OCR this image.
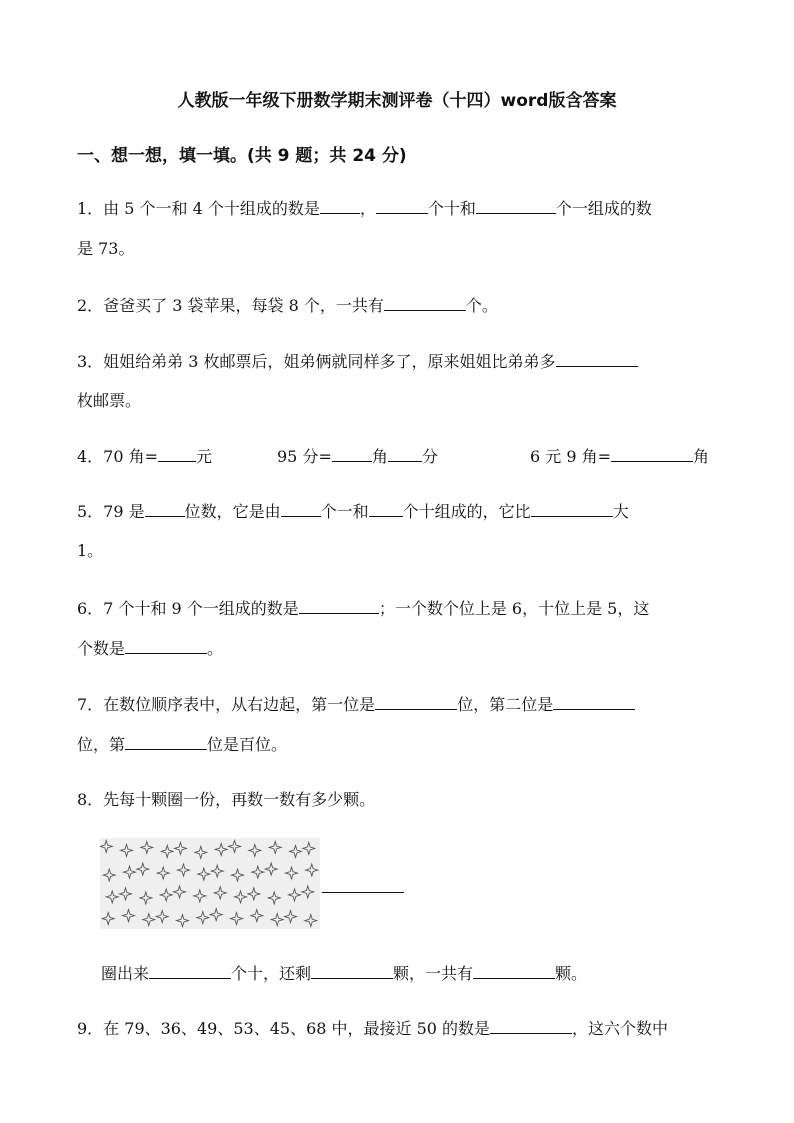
人教版一年级下册数学期末测评卷（十四）word版含答案
一、想一想，填一填。(共 9 题；共 24 分)
1．由 5 个一和 4 个十组成的数是	，	个十和	个一组成的数
是 73。
2．爸爸买了 3 袋苹果，每袋 8 个，一共有	个。
3．姐姐给弟弟 3 枚邮票后，姐弟俩就同样多了，原来姐姐比弟弟多
枚邮票。
4．70 角= 元	95 分=	角 分	6 元 9 角=	角
5．79 是	位数，它是由	个一和 个十组成的，它比	大
1。
6．7 个十和 9 个一组成的数是	；一个数个位上是 6，十位上是 5，这
个数是	。
7．在数位顺序表中，从右边起，第一位是	位，第二位是
位，第	位是百位。
8．先每十颗圈一份，再数一数有多少颗。
圈出来	个十，还剩	颗，一共有	颗。
9．在 79、36、49、53、45、68 中，最接近 50 的数是	，这六个数中
